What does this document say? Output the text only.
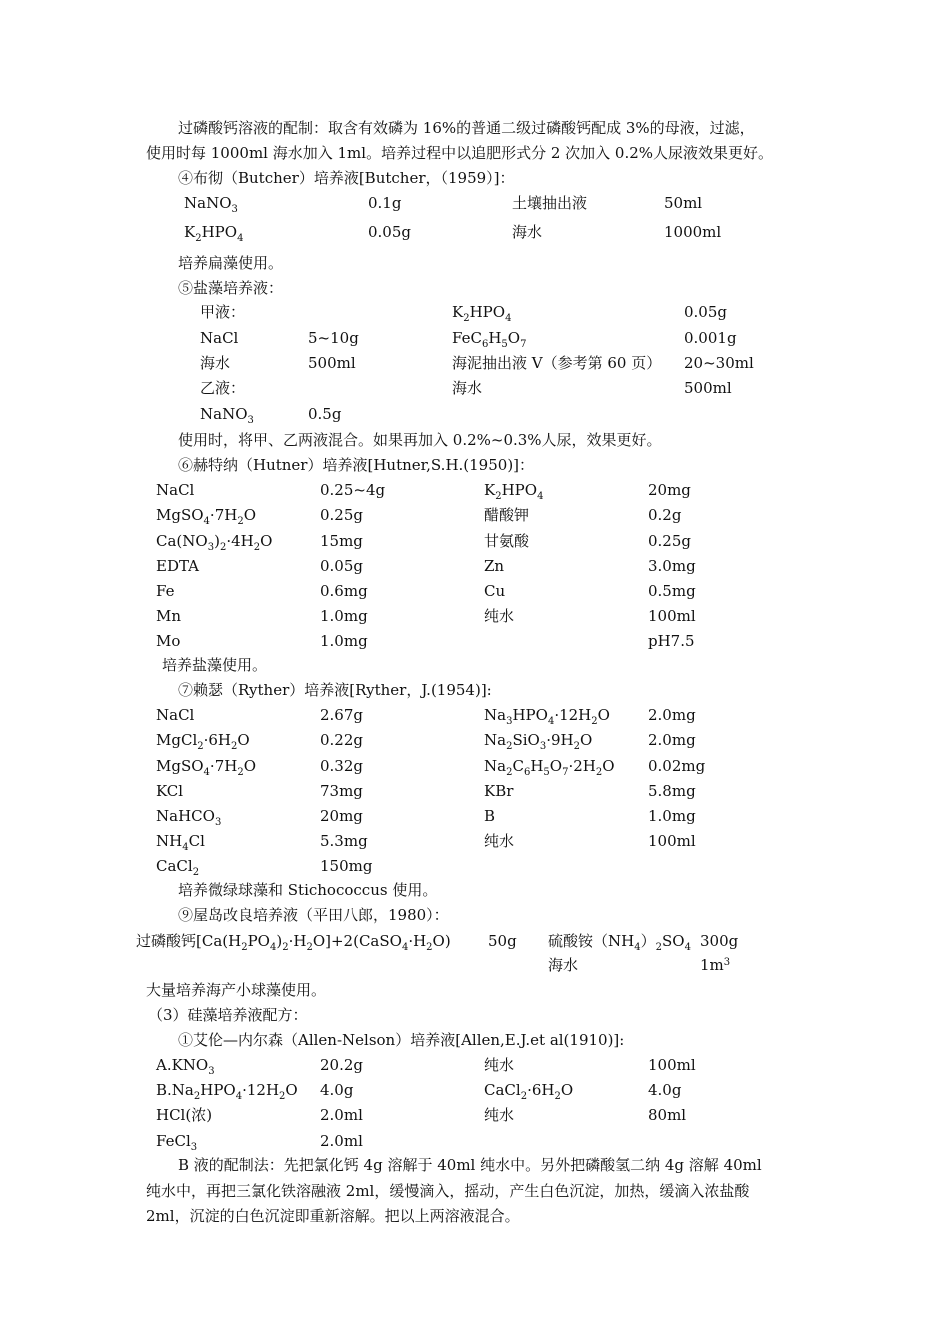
过磷酸钙溶液的配制：取含有效磷为 16%的普通二级过磷酸钙配成 3%的母液，过滤，
使用时每 1000ml 海水加入 1ml。培养过程中以追肥形式分 2 次加入 0.2%人尿液效果更好。
④布彻（Butcher）培养液[Butcher，（1959）]：
NaNO$_3$	0.1g	土壤抽出液	50ml
$K_2HPO_4$	0.05g	海水	1000ml
培养扁藻使用。
⑤盐藻培养液：
甲液：	$K_2HPO_4$	0.05g
NaCl	5~10g	$FeC_6H_5O_7$	0.001g
海水	500ml	海泥抽出液 V（参考第 60 页） 20~30ml
乙液：	海水	500ml
NaNO$_3$	0.5g
使用时，将甲、乙两液混合。如果再加入 0.2%~0.3%人尿，效果更好。
⑥赫特纳（Hutner）培养液[Hutner,S.H.(1950)]：
NaCl	0.25~4g	$K_2HPO_4$	20mg
$MgSO_4\cdot 7H_2O$	0.25g	醋酸钾	0.2g
$Ca(NO_3)_2\cdot 4H_2O$	15mg	甘氨酸	0.25g
EDTA	0.05g	Zn	3.0mg
Fe	0.6mg	Cu	0.5mg
Mn	1.0mg	纯水	100ml
Mo	1.0mg	pH7.5
培养盐藻使用。
⑦赖瑟（Ryther）培养液[Ryther，J.(1954)]:
NaCl	2.67g	$Na_3HPO_4\cdot 12H_2O$	2.0mg
$MgCl_2\cdot 6H_2O$	0.22g	$Na_2SiO_3\cdot 9H_2O$	2.0mg
$MgSO_4\cdot 7H_2O$	0.32g	$Na_2C_6H_5O_7\cdot 2H_2O$ 0.02mg
KCl	73mg	KBr	5.8mg
NaHCO$_3$	20mg	B	1.0mg
$NH_4Cl$	5.3mg	纯水	100ml
CaCl$_2$	150mg
培养微绿球藻和 Stichococcus 使用。
⑨屋岛改良培养液（平田八郎，1980）：
过磷酸钙$[Ca(H_2PO_4)_2\cdot H_2O]+2(CaSO_4\cdot H_2O)$ 50g 硫酸铵$(NH_4)_2SO_4$ 300g
海水	$1m^3$
大量培养海产小球藻使用。
（3）硅藻培养液配方：
①艾伦—内尔森（Allen-Nelson）培养液[Allen,E.J.et al(1910)]:
$A.KNO_3$	20.2g	纯水	100ml
$B.Na_2HPO_4\cdot 12H_2O$ 4.0g	$CaCl_2\cdot 6H_2O$	4.0g
HCl(浓)	2.0ml	纯水	80ml
FeCl$_3$	2.0ml
B 液的配制法：先把氯化钙 4g 溶解于 40ml 纯水中。另外把磷酸氢二纳 4g 溶解 40ml
纯水中，再把三氯化铁溶融液 2ml，缓慢滴入，摇动，产生白色沉淀，加热，缓滴入浓盐酸
2ml，沉淀的白色沉淀即重新溶解。把以上两溶液混合。
